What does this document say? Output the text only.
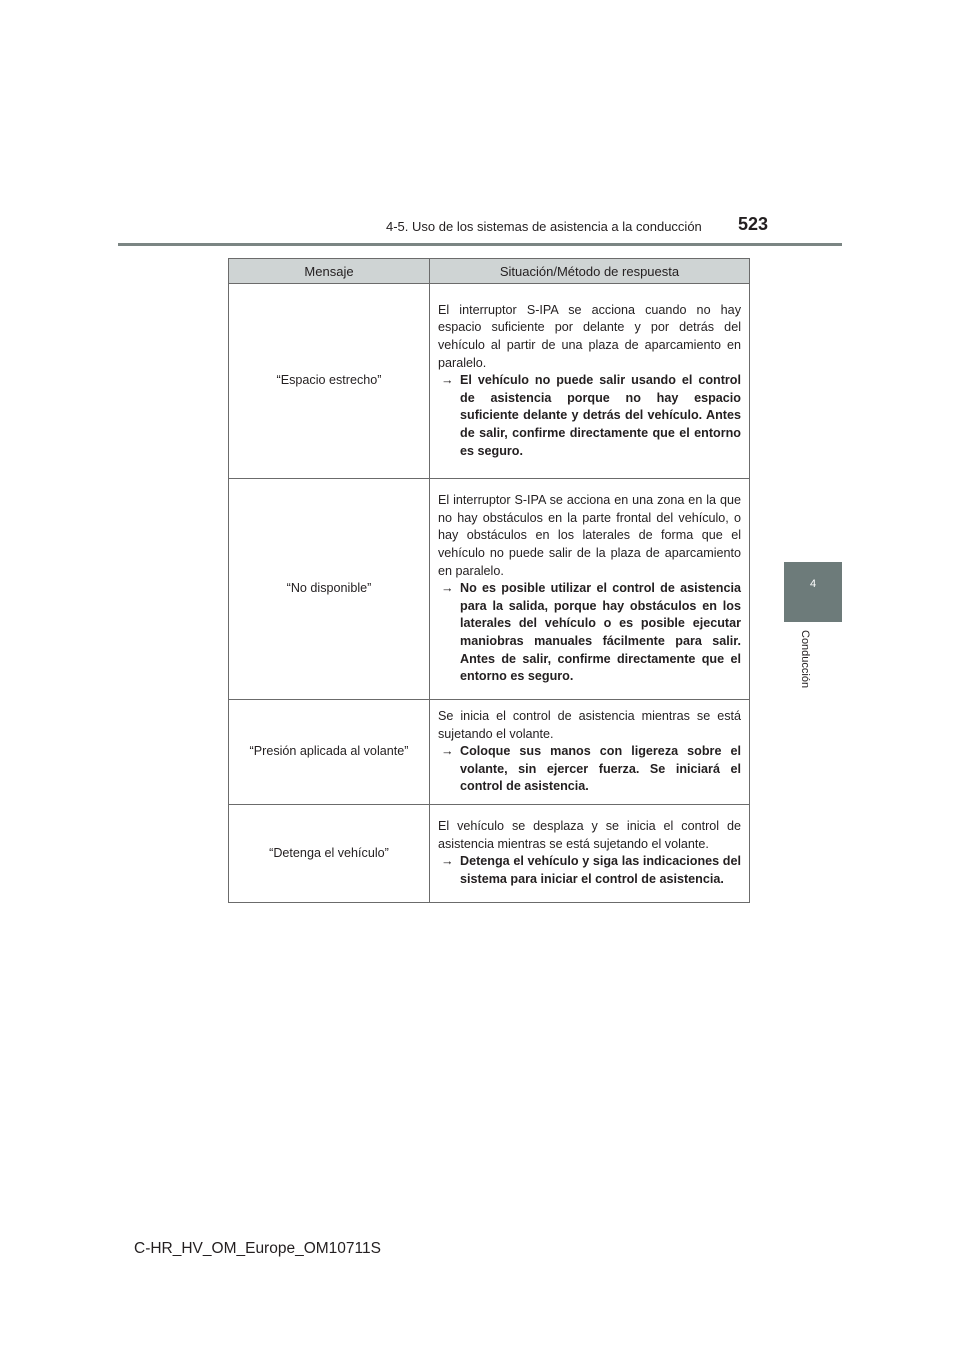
4-5. Uso de los sistemas de asistencia a la conducción 523
4
Conducción
Mensaje	Situación/Método de respuesta
“Espacio estrecho”	El interruptor S-IPA se acciona cuando no hay espacio suficiente por delante y por detrás del vehículo al partir de una plaza de aparcamiento en paralelo.
→ El vehículo no puede salir usando el control de asistencia porque no hay espacio suficiente delante y detrás del vehículo. Antes de salir, confirme directamente que el entorno es seguro.

“No disponible”	El interruptor S-IPA se acciona en una zona en la que no hay obstáculos en la parte frontal del vehículo, o hay obstáculos en los laterales de forma que el vehículo no puede salir de la plaza de aparcamiento en paralelo.
→ No es posible utilizar el control de asistencia para la salida, porque hay obstáculos en los laterales del vehículo o es posible ejecutar maniobras manuales fácilmente para salir. Antes de salir, confirme directamente que el entorno es seguro.

“Presión aplicada al volante”	Se inicia el control de asistencia mientras se está sujetando el volante.
→ Coloque sus manos con ligereza sobre el volante, sin ejercer fuerza. Se iniciará el control de asistencia.

“Detenga el vehículo”	El vehículo se desplaza y se inicia el control de asistencia mientras se está sujetando el volante.
→ Detenga el vehículo y siga las indicaciones del sistema para iniciar el control de asistencia.
C-HR_HV_OM_Europe_OM10711S
